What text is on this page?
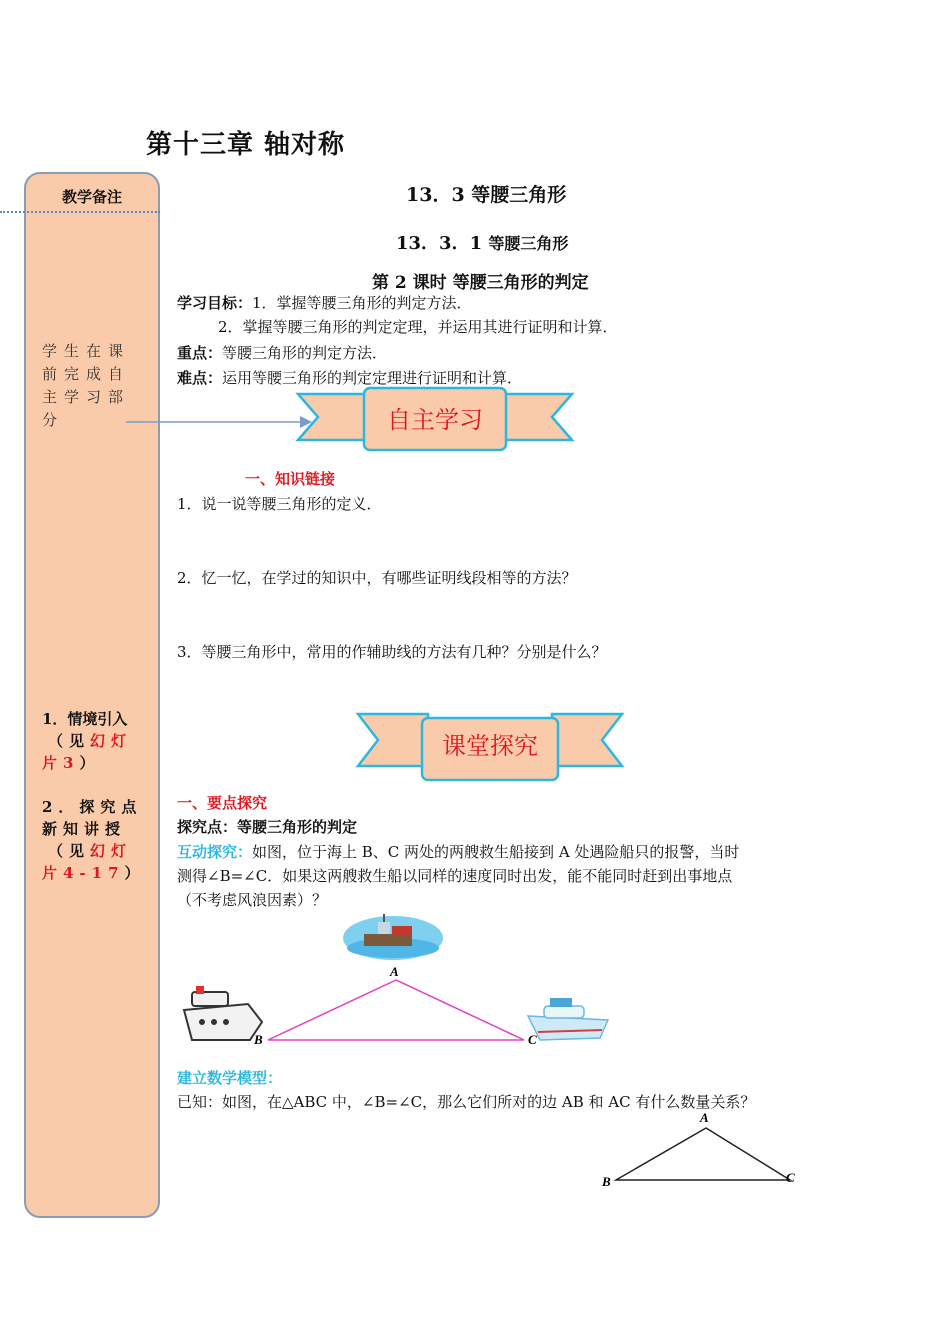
第十三章 轴对称
教学备注
学生在课前完成自主学习部分
1．情境引入
（见幻灯片3）
2．探究点新知讲授
（见幻灯片4-17）
13．3 等腰三角形
13．3．1 等腰三角形
第 2 课时 等腰三角形的判定
学习目标：1．掌握等腰三角形的判定方法．
2．掌握等腰三角形的判定定理，并运用其进行证明和计算．
重点：等腰三角形的判定方法．
难点：运用等腰三角形的判定定理进行证明和计算．
自主学习
一、知识链接
1．说一说等腰三角形的定义．
2．忆一忆，在学过的知识中，有哪些证明线段相等的方法？
3．等腰三角形中，常用的作辅助线的方法有几种？分别是什么？
课堂探究
一、要点探究
探究点：等腰三角形的判定
互动探究：如图，位于海上 B、C 两处的两艘救生船接到 A 处遇险船只的报警，当时
测得∠B=∠C．如果这两艘救生船以同样的速度同时出发，能不能同时赶到出事地点
（不考虑风浪因素）？
A
B	C
建立数学模型：
已知：如图，在△ABC 中，∠B=∠C，那么它们所对的边 AB 和 AC 有什么数量关系？
A
B	C
